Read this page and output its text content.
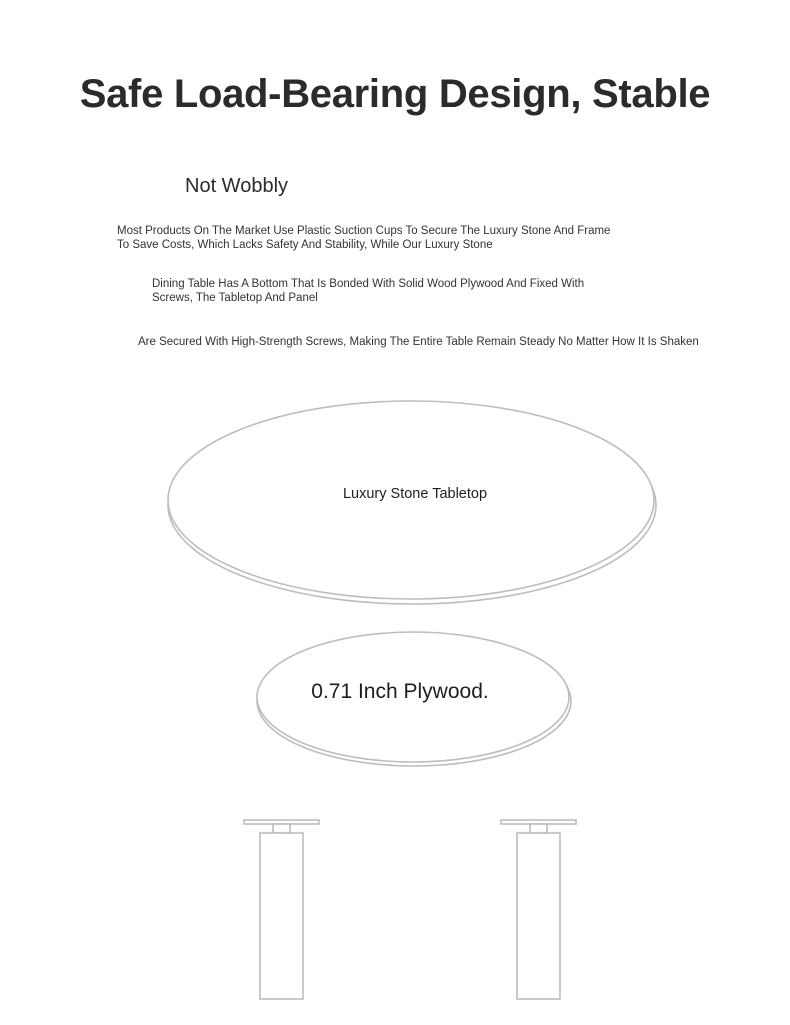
Safe Load-Bearing Design, Stable
Not Wobbly
Most Products On The Market Use Plastic Suction Cups To Secure The Luxury Stone And Frame
To Save Costs, Which Lacks Safety And Stability, While Our Luxury Stone
Dining Table Has A Bottom That Is Bonded With Solid Wood Plywood And Fixed With
Screws, The Tabletop And Panel
Are Secured With High-Strength Screws, Making The Entire Table Remain Steady No Matter How It Is Shaken
Luxury Stone Tabletop
0.71 Inch Plywood.
